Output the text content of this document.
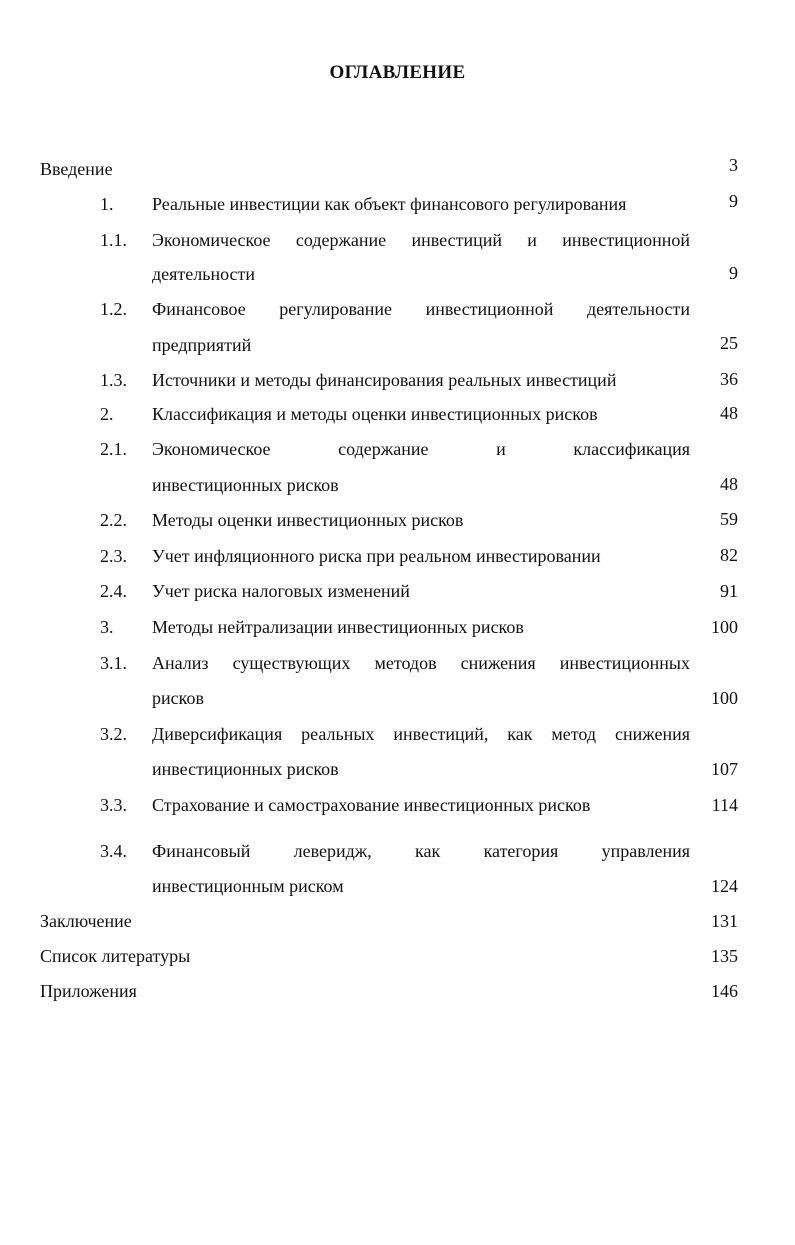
ОГЛАВЛЕНИЕ
Введение	3
1. Реальные инвестиции как объект финансового регулирования	9
1.1. Экономическое содержание инвестиций и инвестиционной
деятельности	9
1.2. Финансовое регулирование инвестиционной деятельности
предприятий	25
1.3. Источники и методы финансирования реальных инвестиций	36
2. Классификация и методы оценки инвестиционных рисков	48
2.1. Экономическое содержание и классификация
инвестиционных рисков	48
2.2. Методы оценки инвестиционных рисков	59
2.3. Учет инфляционного риска при реальном инвестировании	82
2.4. Учет риска налоговых изменений	91
3. Методы нейтрализации инвестиционных рисков	100
3.1. Анализ существующих методов снижения инвестиционных
рисков	100
3.2. Диверсификация реальных инвестиций, как метод снижения
инвестиционных рисков	107
3.3. Страхование и самострахование инвестиционных рисков	114
3.4. Финансовый леверидж, как категория управления
инвестиционным риском	124
Заключение	131
Список литературы	135
Приложения	146
